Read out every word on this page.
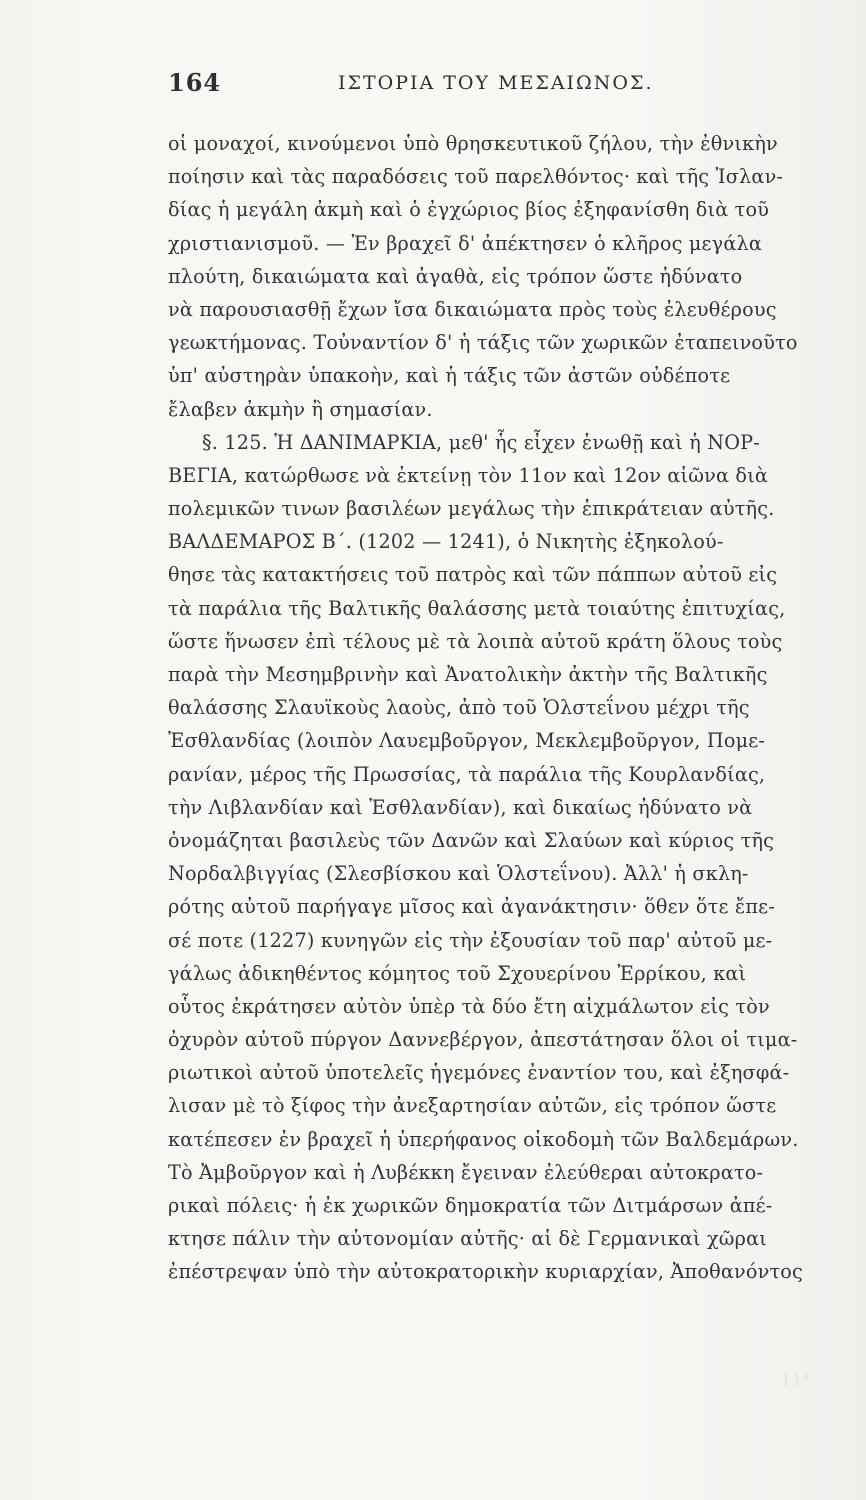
164	ΙΣΤΟΡΙΑ ΤΟΥ ΜΕΣΑΙΩΝΟΣ.
οἱ μοναχοί, κινούμενοι ὑπὸ θρησκευτικοῦ ζήλου, τὴν ἐθνικὴν
ποίησιν καὶ τὰς παραδόσεις τοῦ παρελθόντος· καὶ τῆς Ἰσλαν-
δίας ἡ μεγάλη ἀκμὴ καὶ ὁ ἐγχώριος βίος ἐξηφανίσθη διὰ τοῦ
χριστιανισμοῦ. — Ἐν βραχεῖ δ' ἀπέκτησεν ὁ κλῆρος μεγάλα
πλούτη, δικαιώματα καὶ ἀγαθὰ, εἰς τρόπον ὥστε ἠδύνατο
νὰ παρουσιασθῇ ἔχων ἴσα δικαιώματα πρὸς τοὺς ἐλευθέρους
γεωκτήμονας. Τοὐναντίον δ' ἡ τάξις τῶν χωρικῶν ἐταπεινοῦτο
ὑπ' αὐστηρὰν ὑπακοὴν, καὶ ἡ τάξις τῶν ἀστῶν οὐδέποτε
ἔλαβεν ἀκμὴν ἢ σημασίαν.
§. 125. Ἡ ΔΑΝΙΜΑΡΚΙΑ, μεθ' ἧς εἶχεν ἑνωθῇ καὶ ἡ ΝΟΡ-
ΒΕΓΙΑ, κατώρθωσε νὰ ἐκτείνῃ τὸν 11ον καὶ 12ον αἰῶνα διὰ
πολεμικῶν τινων βασιλέων μεγάλως τὴν ἐπικράτειαν αὐτῆς.
ΒΑΛΔΕΜΑΡΟΣ Β΄. (1202 — 1241), ὁ Νικητὴς ἐξηκολού-
θησε τὰς κατακτήσεις τοῦ πατρὸς καὶ τῶν πάππων αὐτοῦ εἰς
τὰ παράλια τῆς Βαλτικῆς θαλάσσης μετὰ τοιαύτης ἐπιτυχίας,
ὥστε ἥνωσεν ἐπὶ τέλους μὲ τὰ λοιπὰ αὐτοῦ κράτη ὅλους τοὺς
παρὰ τὴν Μεσημβρινὴν καὶ Ἀνατολικὴν ἀκτὴν τῆς Βαλτικῆς
θαλάσσης Σλαυϊκοὺς λαοὺς, ἀπὸ τοῦ Ὁλστεΐνου μέχρι τῆς
Ἐσθλανδίας (λοιπὸν Λαυεμβοῦργον, Μεκλεμβοῦργον, Πομε-
ρανίαν, μέρος τῆς Πρωσσίας, τὰ παράλια τῆς Κουρλανδίας,
τὴν Λιβλανδίαν καὶ Ἐσθλανδίαν), καὶ δικαίως ἠδύνατο νὰ
ὀνομάζηται βασιλεὺς τῶν Δανῶν καὶ Σλαύων καὶ κύριος τῆς
Νορδαλβιγγίας (Σλεσβίσκου καὶ Ὁλστεΐνου). Ἀλλ' ἡ σκλη-
ρότης αὐτοῦ παρήγαγε μῖσος καὶ ἀγανάκτησιν· ὅθεν ὅτε ἔπε-
σέ ποτε (1227) κυνηγῶν εἰς τὴν ἐξουσίαν τοῦ παρ' αὐτοῦ με-
γάλως ἀδικηθέντος κόμητος τοῦ Σχουερίνου Ἐρρίκου, καὶ
οὗτος ἐκράτησεν αὐτὸν ὑπὲρ τὰ δύο ἔτη αἰχμάλωτον εἰς τὸν
ὀχυρὸν αὐτοῦ πύργον Δαννεβέργον, ἀπεστάτησαν ὅλοι οἱ τιμα-
ριωτικοὶ αὐτοῦ ὑποτελεῖς ἡγεμόνες ἐναντίον του, καὶ ἐξησφά-
λισαν μὲ τὸ ξίφος τὴν ἀνεξαρτησίαν αὐτῶν, εἰς τρόπον ὥστε
κατέπεσεν ἐν βραχεῖ ἡ ὑπερήφανος οἰκοδομὴ τῶν Βαλδεμάρων.
Τὸ Ἀμβοῦργον καὶ ἡ Λυβέκκη ἔγειναν ἐλεύθεραι αὐτοκρατο-
ρικαὶ πόλεις· ἡ ἐκ χωρικῶν δημοκρατία τῶν Διτμάρσων ἀπέ-
κτησε πάλιν τὴν αὐτονομίαν αὐτῆς· αἱ δὲ Γερμανικαὶ χῶραι
ἐπέστρεψαν ὑπὸ τὴν αὐτοκρατορικὴν κυριαρχίαν, Ἀποθανόντος
11*
